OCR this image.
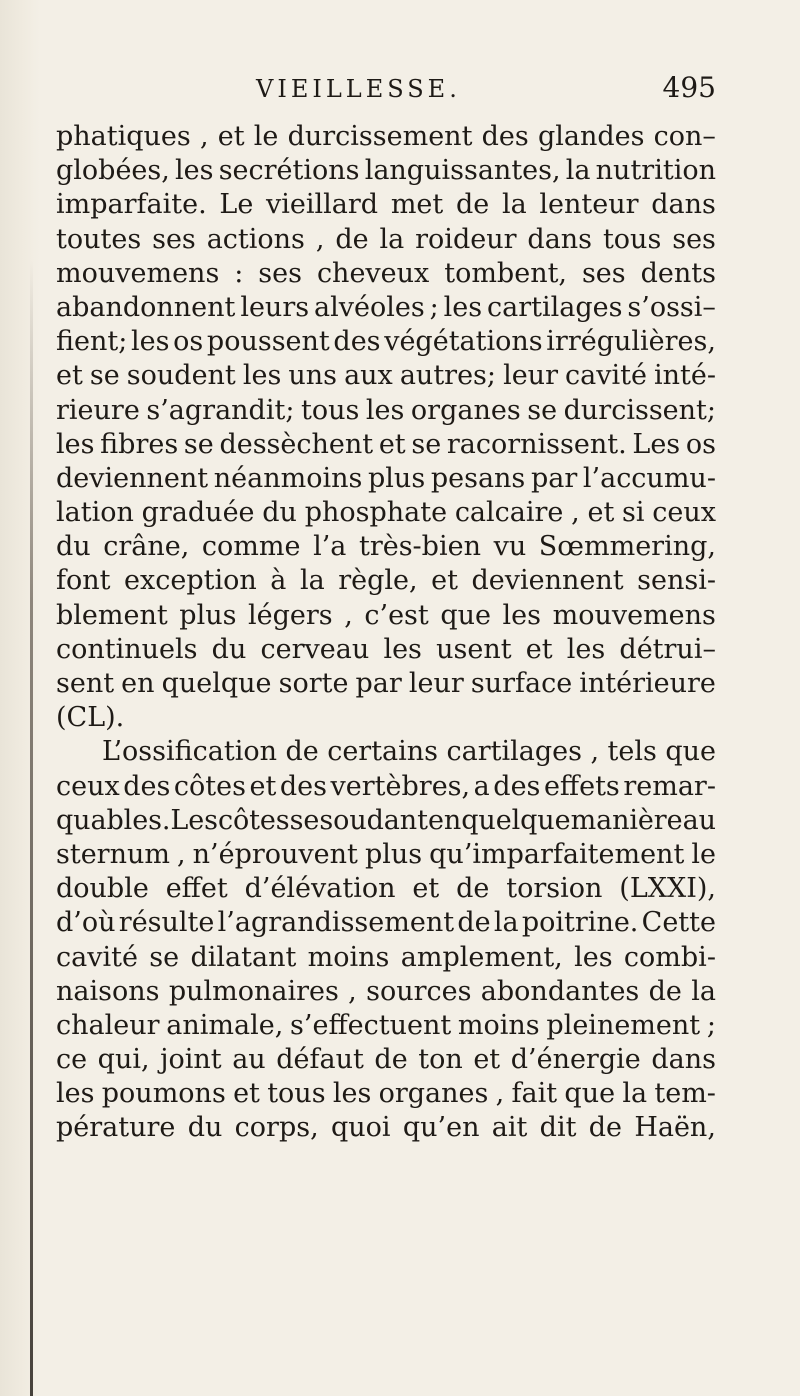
VIEILLESSE.	495
phatiques , et le durcissement des glandes con–
globées, les secrétions languissantes, la nutrition
imparfaite. Le vieillard met de la lenteur dans
toutes ses actions , de la roideur dans tous ses
mouvemens : ses cheveux tombent, ses dents
abandonnent leurs alvéoles ; les cartilages s’ossi–
fient; les os poussent des végétations irrégulières,
et se soudent les uns aux autres; leur cavité inté-
rieure s’agrandit; tous les organes se durcissent;
les fibres se dessèchent et se racornissent. Les os
deviennent néanmoins plus pesans par l’accumu-
lation graduée du phosphate calcaire , et si ceux
du crâne, comme l’a très-bien vu Sœmmering,
font exception à la règle, et deviennent sensi-
blement plus légers , c’est que les mouvemens
continuels du cerveau les usent et les détrui–
sent en quelque sorte par leur surface intérieure
(CL).
L’ossification de certains cartilages , tels que
ceux des côtes et des vertèbres, a des effets remar-
quables. Les côtes se soudant en quelque manière au
sternum , n’éprouvent plus qu’imparfaitement le
double effet d’élévation et de torsion (LXXI),
d’où résulte l’agrandissement de la poitrine. Cette
cavité se dilatant moins amplement, les combi-
naisons pulmonaires , sources abondantes de la
chaleur animale, s’effectuent moins pleinement ;
ce qui, joint au défaut de ton et d’énergie dans
les poumons et tous les organes , fait que la tem-
pérature du corps, quoi qu’en ait dit de Haën,
